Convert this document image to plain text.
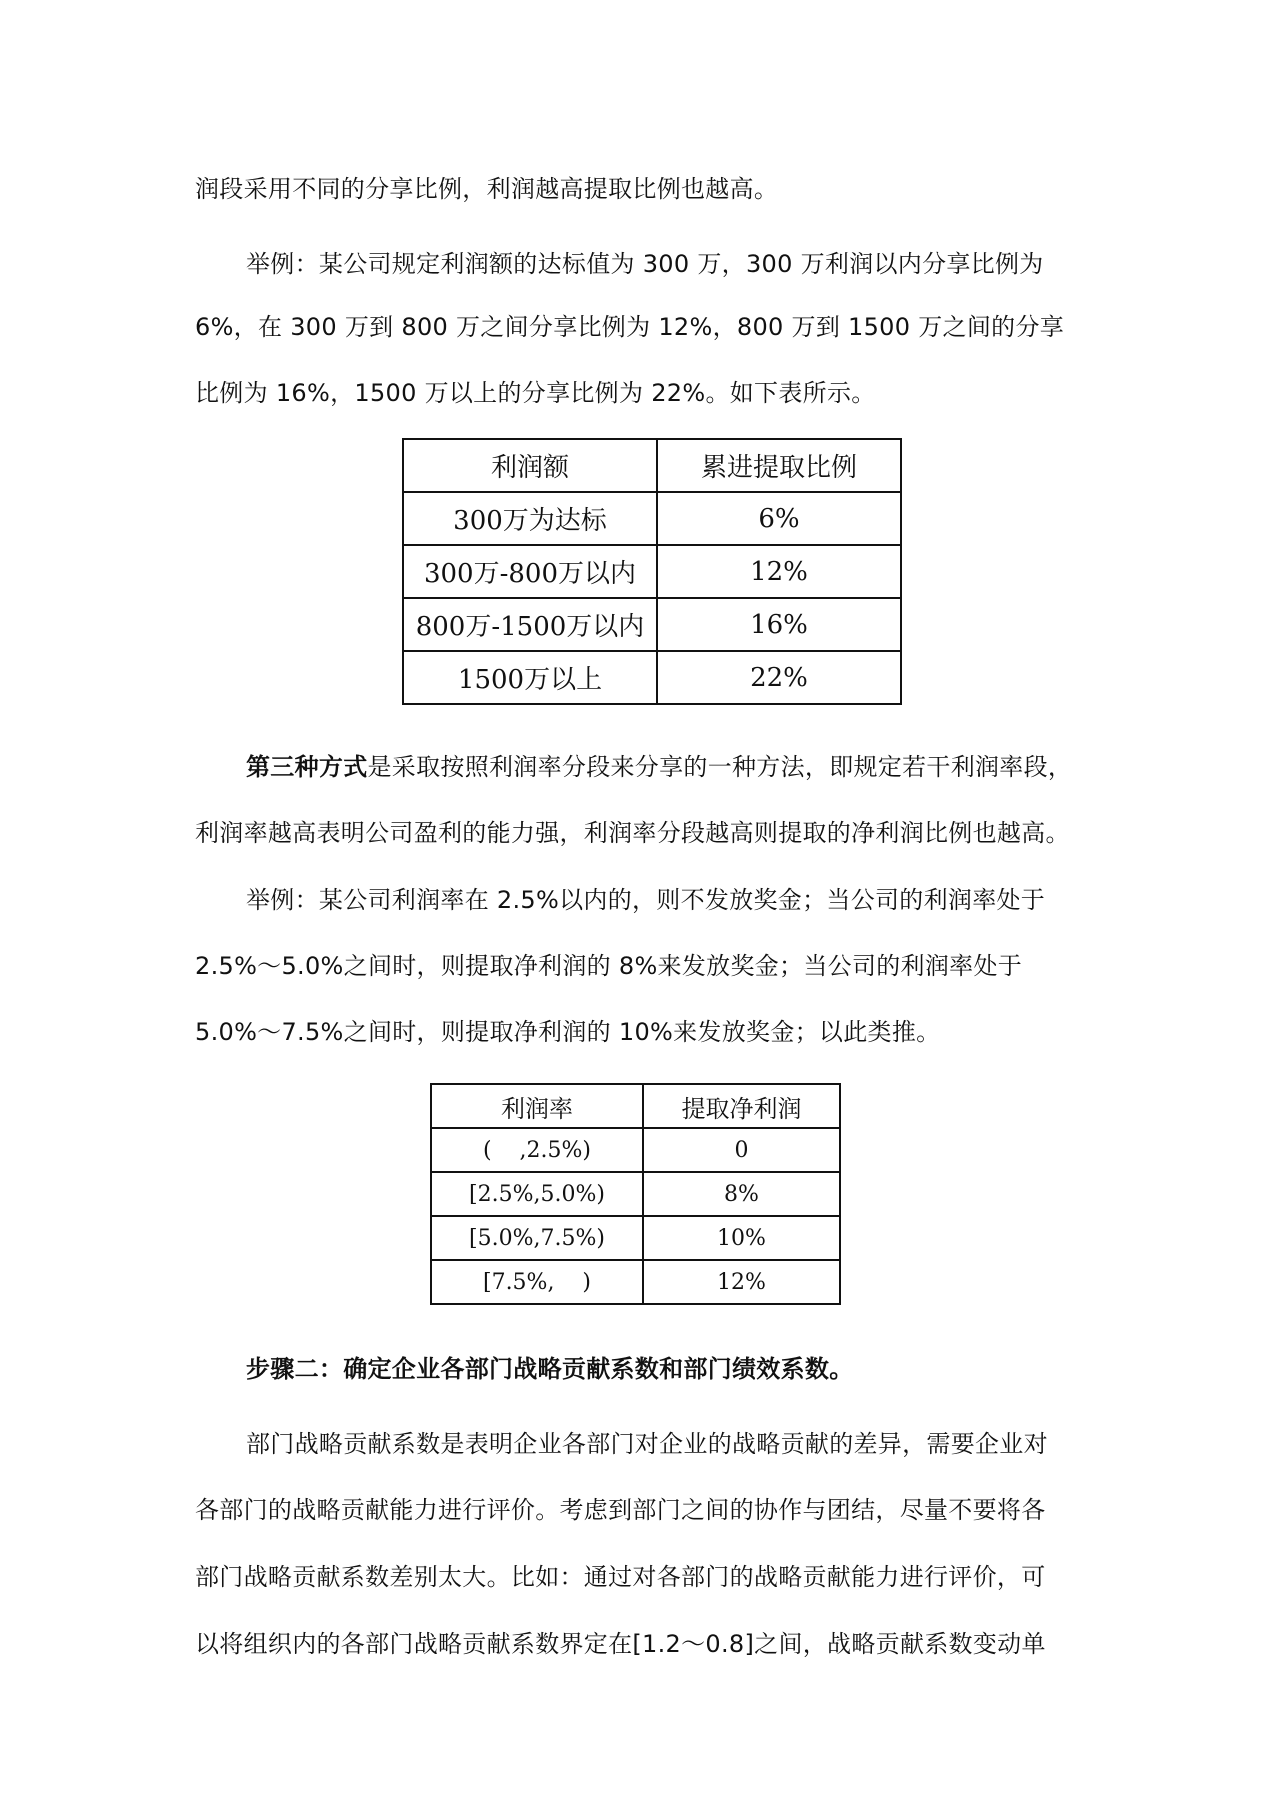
润段采用不同的分享比例，利润越高提取比例也越高。
举例：某公司规定利润额的达标值为 300 万，300 万利润以内分享比例为
6%，在 300 万到 800 万之间分享比例为 12%，800 万到 1500 万之间的分享
比例为 16%，1500 万以上的分享比例为 22%。如下表所示。
利润额	累进提取比例
300万为达标	6%
300万-800万以内	12%
800万-1500万以内	16%
1500万以上	22%
第三种方式是采取按照利润率分段来分享的一种方法，即规定若干利润率段，
利润率越高表明公司盈利的能力强，利润率分段越高则提取的净利润比例也越高。
举例：某公司利润率在 2.5%以内的，则不发放奖金；当公司的利润率处于
2.5%～5.0%之间时，则提取净利润的 8%来发放奖金；当公司的利润率处于
5.0%～7.5%之间时，则提取净利润的 10%来发放奖金；以此类推。
利润率	提取净利润
(    ,2.5%)	0
[2.5%,5.0%)	8%
[5.0%,7.5%)	10%
[7.5%,    )	12%
步骤二：确定企业各部门战略贡献系数和部门绩效系数。
部门战略贡献系数是表明企业各部门对企业的战略贡献的差异，需要企业对
各部门的战略贡献能力进行评价。考虑到部门之间的协作与团结，尽量不要将各
部门战略贡献系数差别太大。比如：通过对各部门的战略贡献能力进行评价，可
以将组织内的各部门战略贡献系数界定在[1.2～0.8]之间，战略贡献系数变动单
